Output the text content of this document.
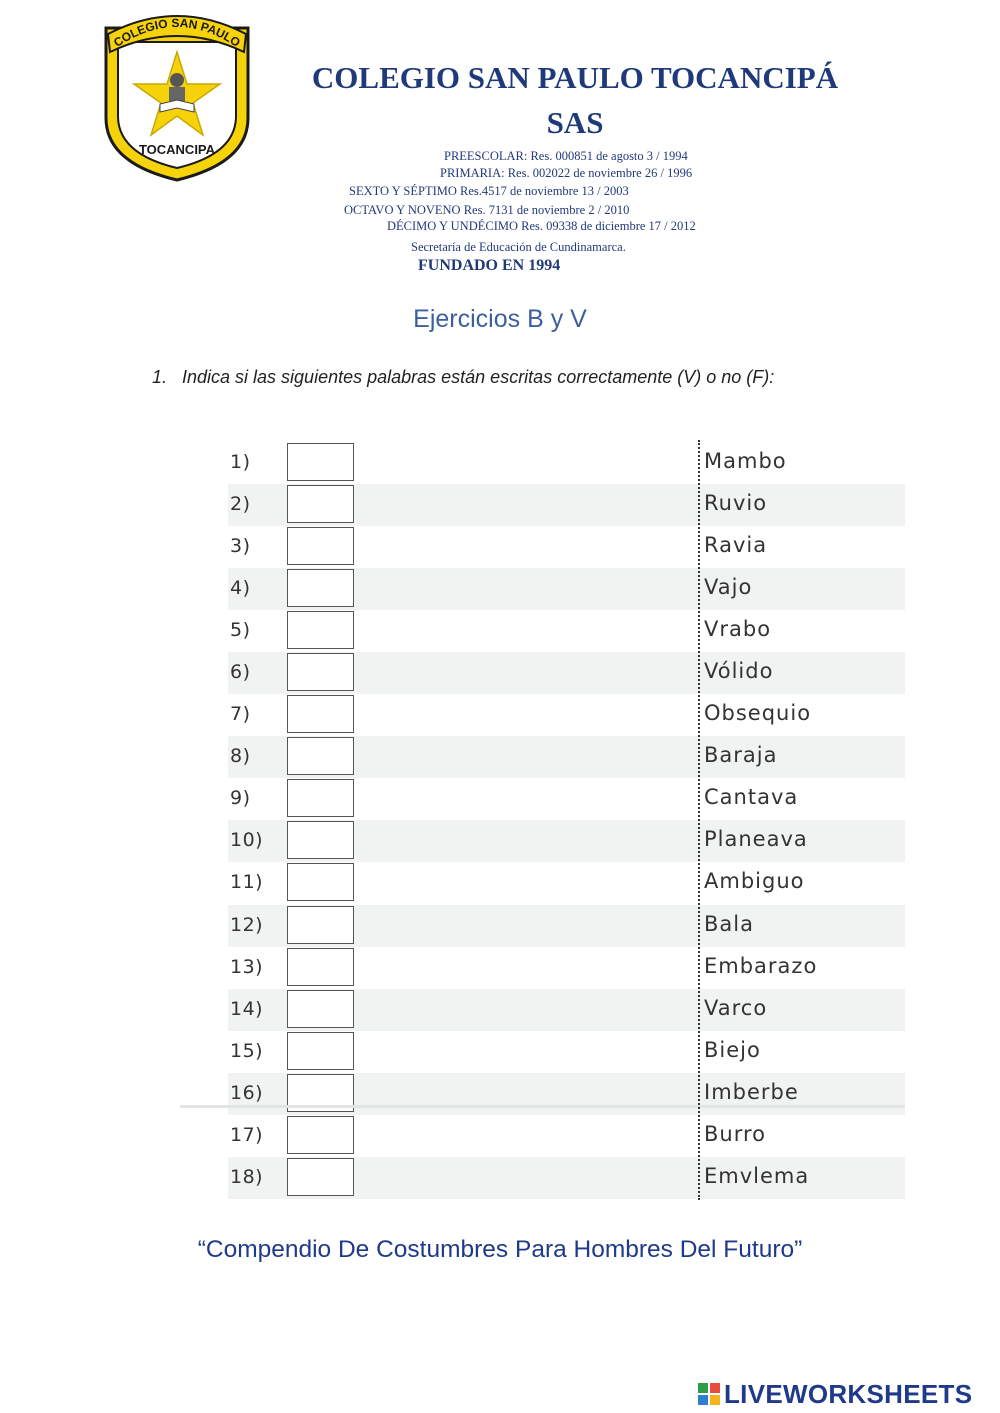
COLEGIO SAN PAULO
TOCANCIPA
COLEGIO SAN PAULO TOCANCIPÁ
SAS
PREESCOLAR: Res. 000851 de agosto 3 / 1994
PRIMARIA: Res. 002022 de noviembre 26 / 1996
SEXTO Y SÉPTIMO Res.4517 de noviembre 13 / 2003
OCTAVO Y NOVENO Res. 7131 de noviembre 2 / 2010
DÉCIMO Y UNDÉCIMO Res. 09338 de diciembre 17 / 2012
Secretaría de Educación de Cundinamarca.
FUNDADO EN 1994
Ejercicios B y V
1. Indica si las siguientes palabras están escritas correctamente (V) o no (F):
1)	Mambo
2)	Ruvio
3)	Ravia
4)	Vajo
5)	Vrabo
6)	Vólido
7)	Obsequio
8)	Baraja
9)	Cantava
10)	Planeava
11)	Ambiguo
12)	Bala
13)	Embarazo
14)	Varco
15)	Biejo
16)	Imberbe
17)	Burro
18)	Emvlema
“Compendio De Costumbres Para Hombres Del Futuro”
LIVEWORKSHEETS
